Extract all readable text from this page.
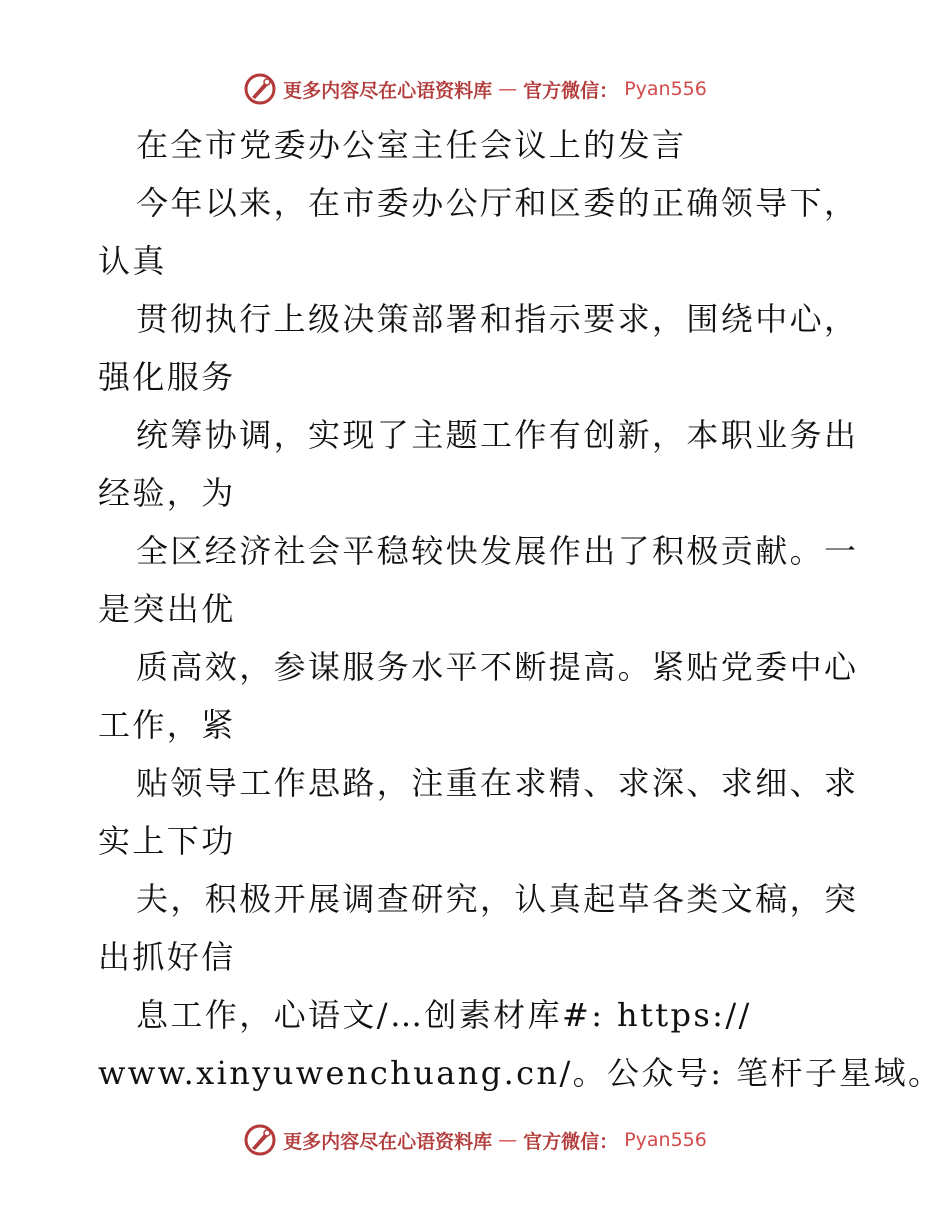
更多内容尽在心语资料库 — 官方微信： Pyan556
在全市党委办公室主任会议上的发言
今年以来，在市委办公厅和区委的正确领导下，
认真
贯彻执行上级决策部署和指示要求，围绕中心，
强化服务
统筹协调，实现了主题工作有创新，本职业务出
经验，为
全区经济社会平稳较快发展作出了积极贡献。一
是突出优
质高效，参谋服务水平不断提高。紧贴党委中心
工作，紧
贴领导工作思路，注重在求精、求深、求细、求
实上下功
夫，积极开展调查研究，认真起草各类文稿，突
出抓好信
息工作，心语文/…创素材库#: https://
www.xinyuwenchuang.cn/。公众号: 笔杆子星域。
更多内容尽在心语资料库 — 官方微信： Pyan556
